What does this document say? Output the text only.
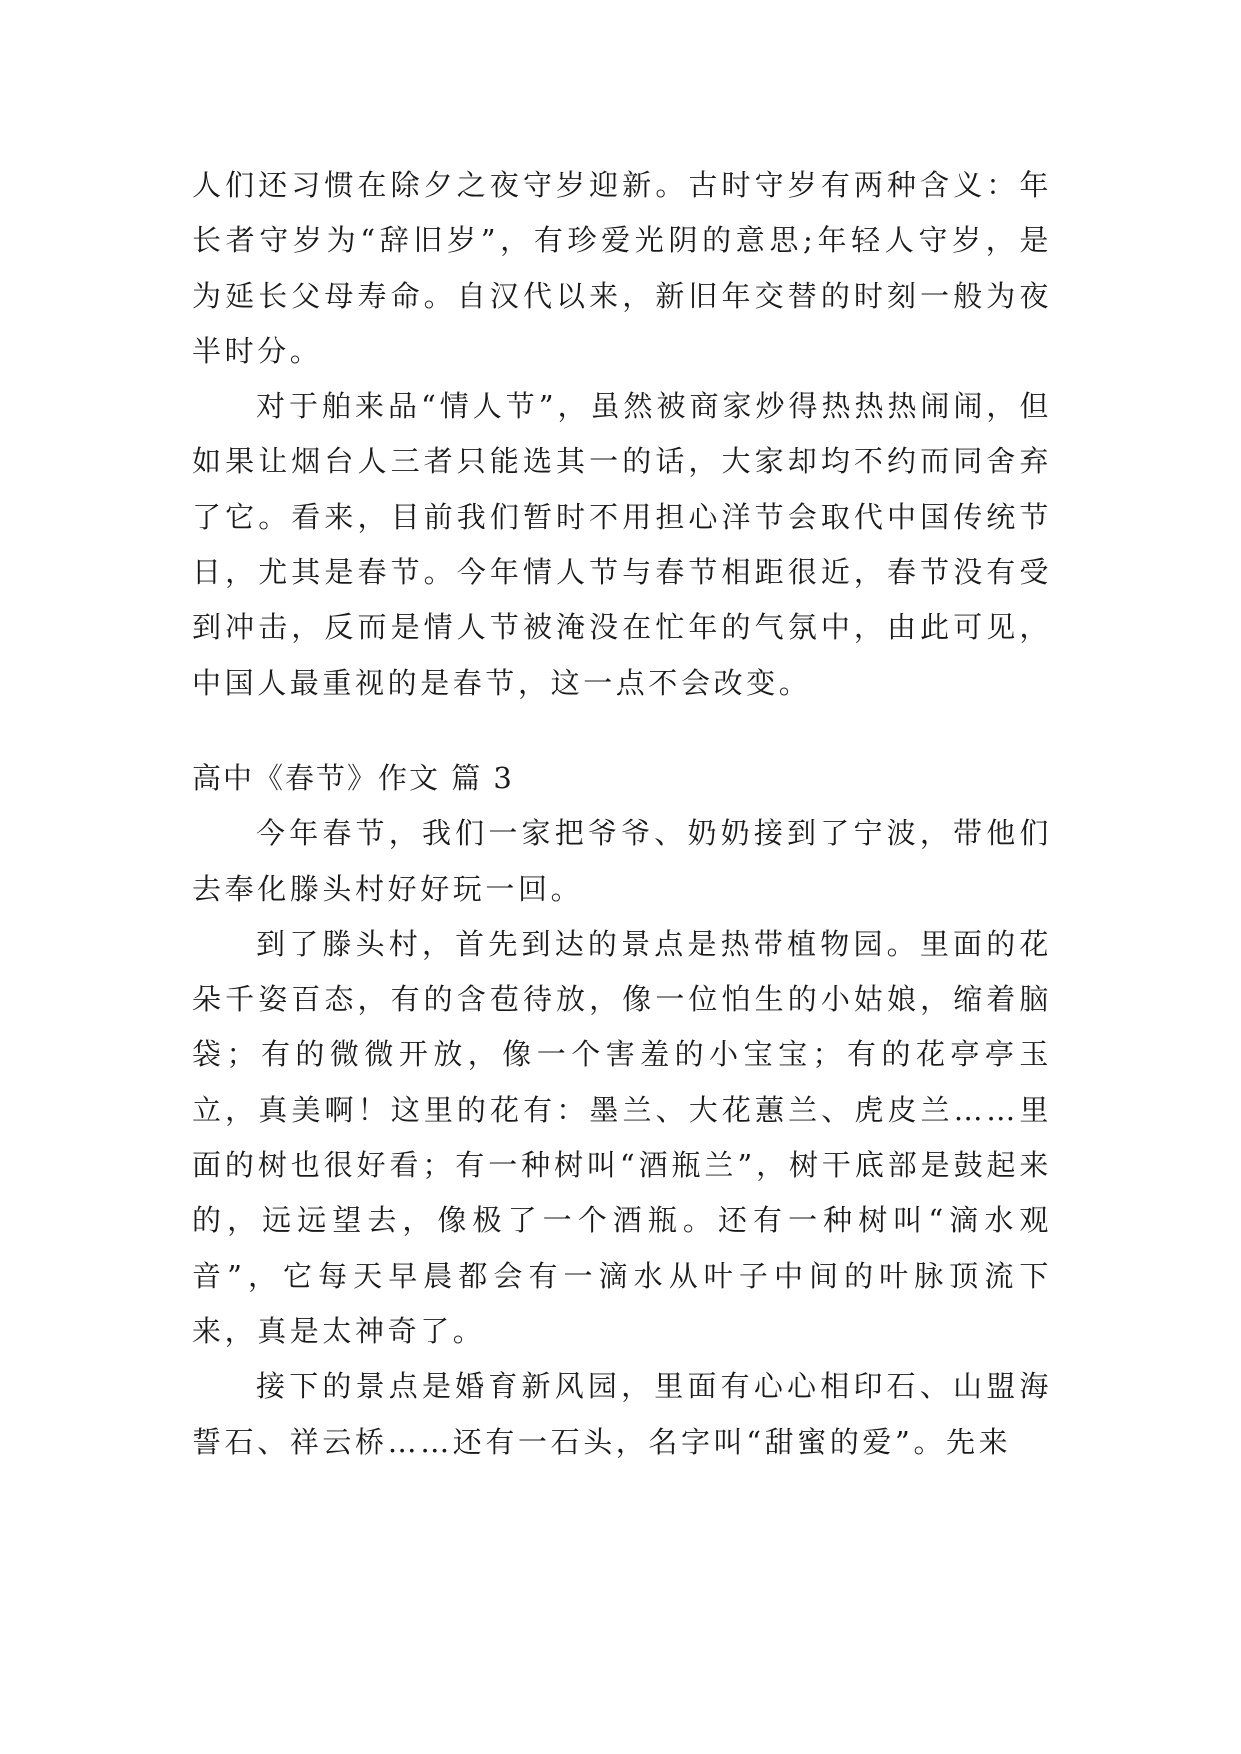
人们还习惯在除夕之夜守岁迎新。古时守岁有两种含义：年长者守岁为“辞旧岁”，有珍爱光阴的意思;年轻人守岁，是为延长父母寿命。自汉代以来，新旧年交替的时刻一般为夜半时分。

对于舶来品“情人节”，虽然被商家炒得热热热闹闹，但如果让烟台人三者只能选其一的话，大家却均不约而同舍弃了它。看来，目前我们暂时不用担心洋节会取代中国传统节日，尤其是春节。今年情人节与春节相距很近，春节没有受到冲击，反而是情人节被淹没在忙年的气氛中，由此可见，中国人最重视的是春节，这一点不会改变。

高中《春节》作文 篇 3

今年春节，我们一家把爷爷、奶奶接到了宁波，带他们去奉化滕头村好好玩一回。

到了滕头村，首先到达的景点是热带植物园。里面的花朵千姿百态，有的含苞待放，像一位怕生的小姑娘，缩着脑袋；有的微微开放，像一个害羞的小宝宝；有的花亭亭玉立，真美啊！这里的花有：墨兰、大花蕙兰、虎皮兰……里面的树也很好看；有一种树叫“酒瓶兰”，树干底部是鼓起来的，远远望去，像极了一个酒瓶。还有一种树叫“滴水观音”，它每天早晨都会有一滴水从叶子中间的叶脉顶流下来，真是太神奇了。

接下的景点是婚育新风园，里面有心心相印石、山盟海誓石、祥云桥……还有一石头，名字叫“甜蜜的爱”。先来
